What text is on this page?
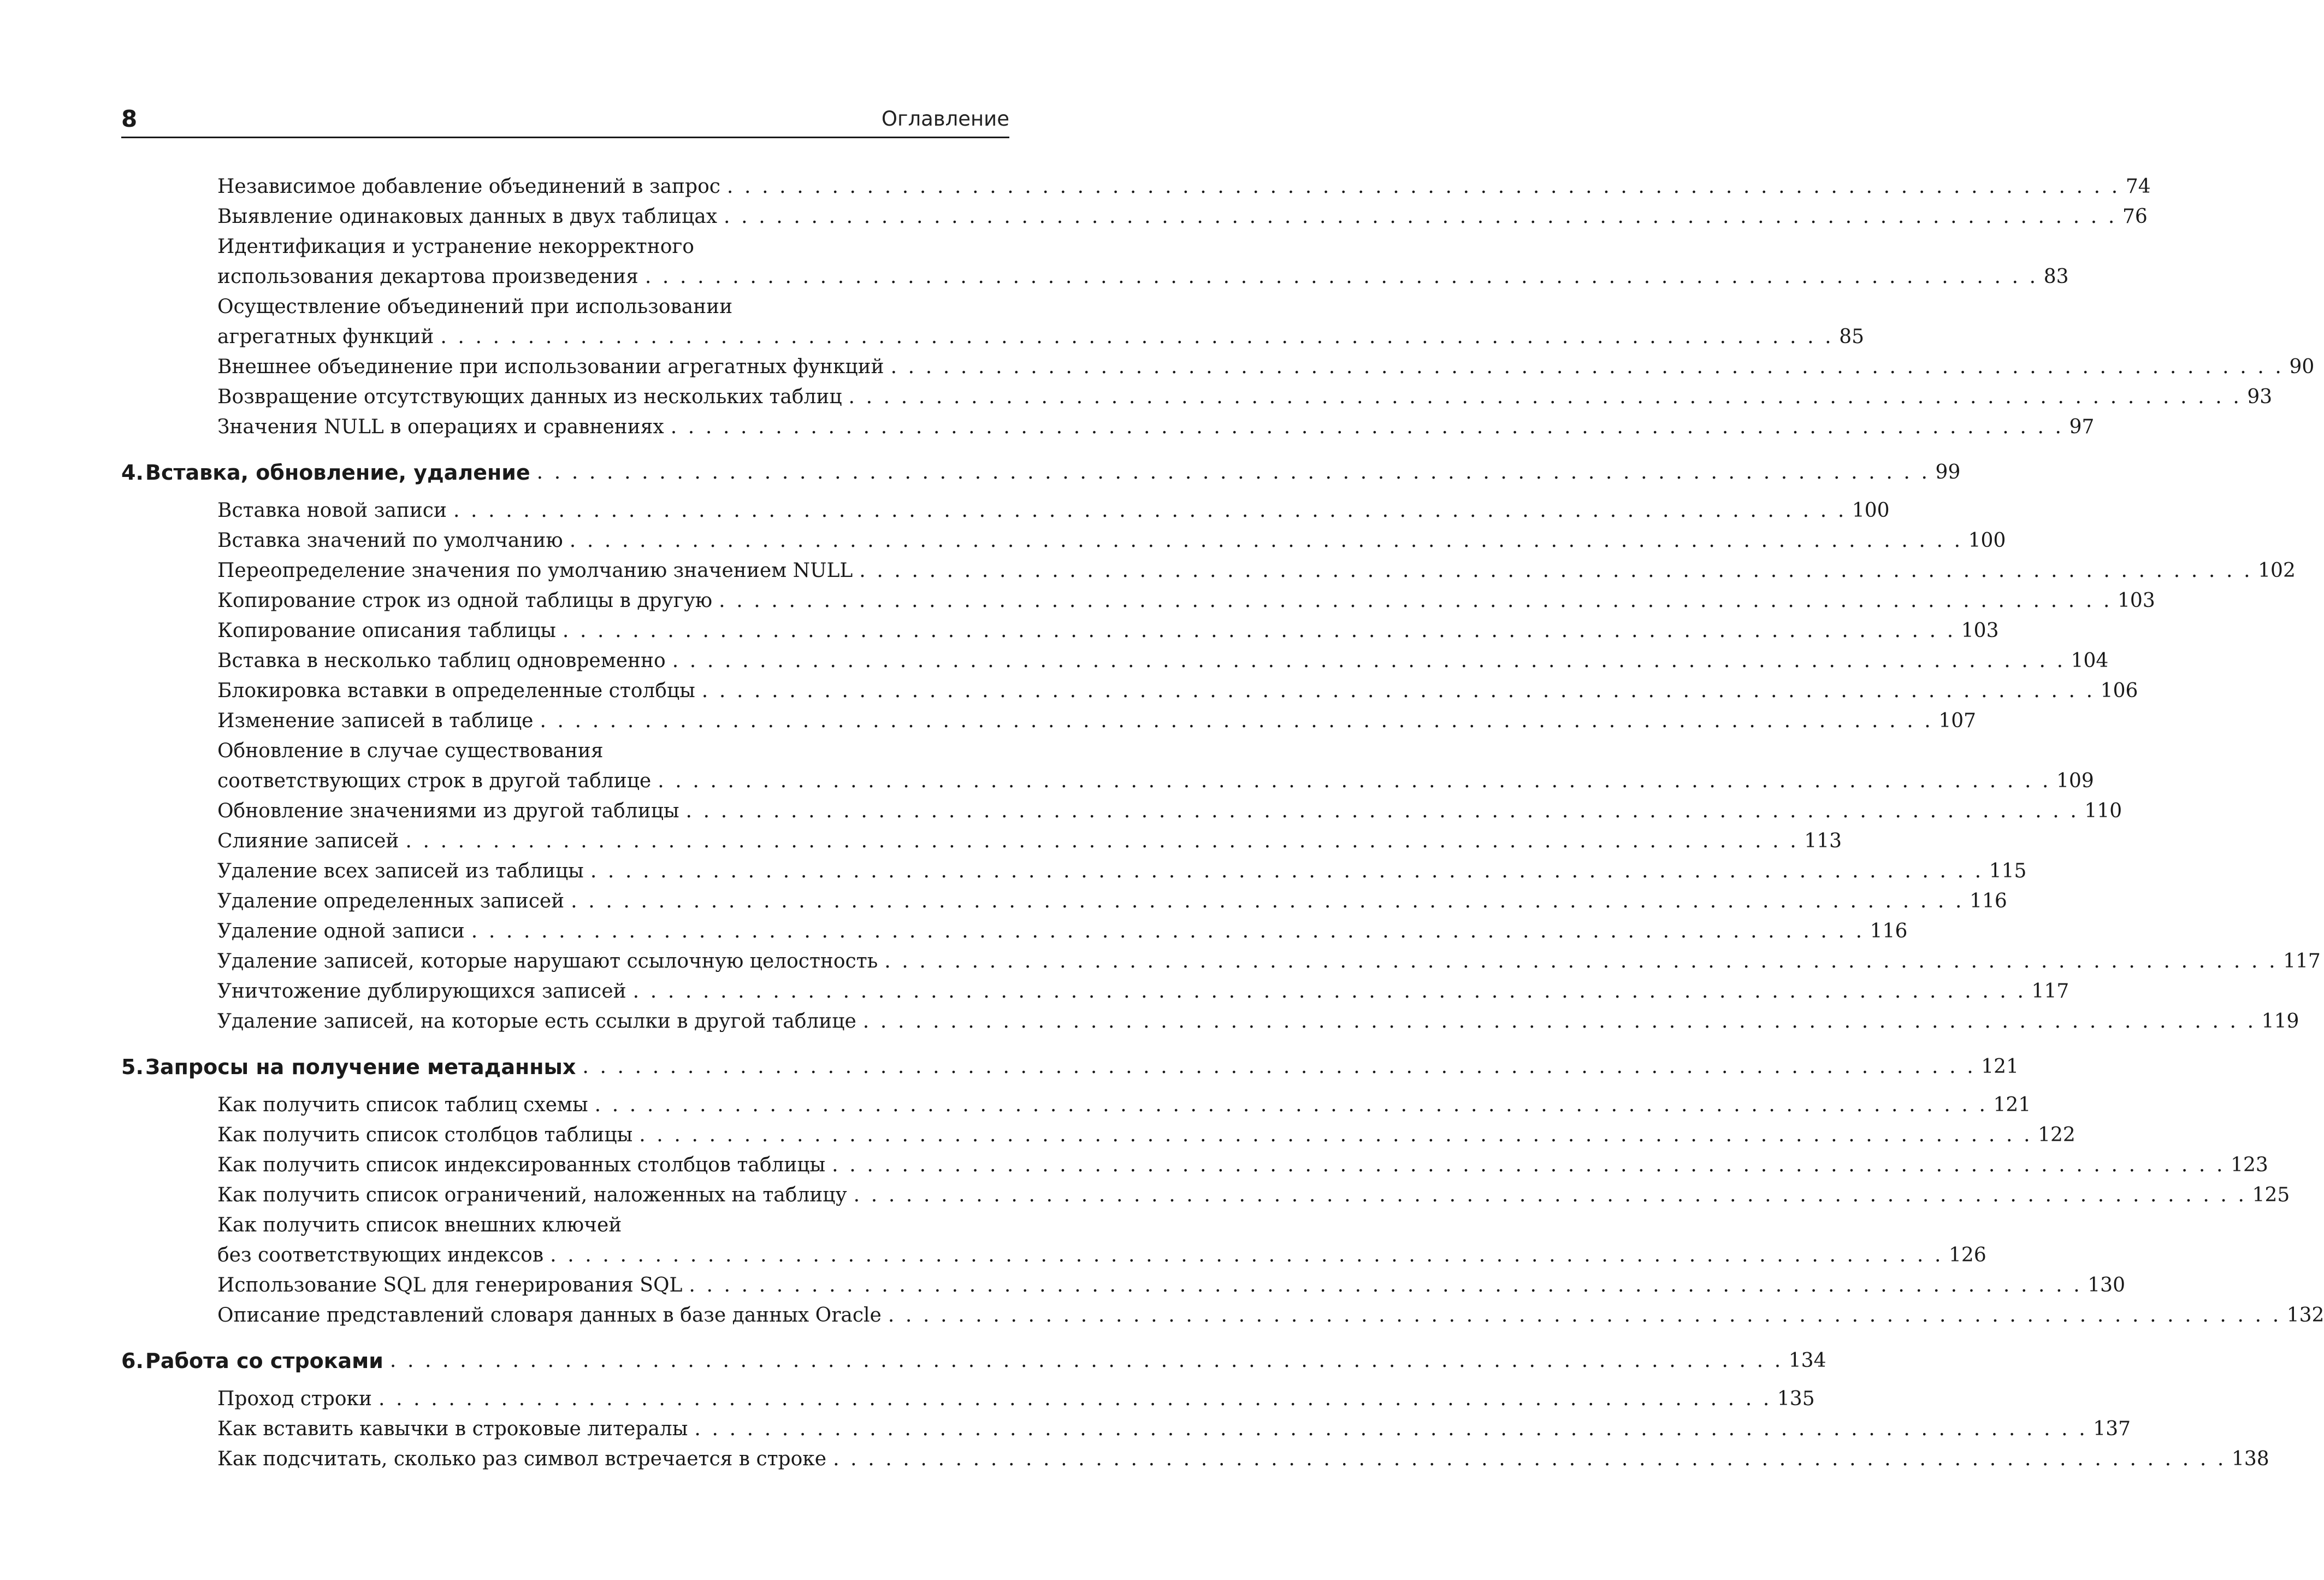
8	Оглавление
Независимое добавление объединений в запрос . . . . . . . . . . . . . . . . . . . . . . . . . . . . . . . . . . . . . . . . . . . . . . . . . . . . . . . . . . . . . . . . . . . . . . . . . . . . . . . . 74
Выявление одинаковых данных в двух таблицах . . . . . . . . . . . . . . . . . . . . . . . . . . . . . . . . . . . . . . . . . . . . . . . . . . . . . . . . . . . . . . . . . . . . . . . . . . . . . . . . 76
Идентификация и устранение некорректного
использования декартова произведения . . . . . . . . . . . . . . . . . . . . . . . . . . . . . . . . . . . . . . . . . . . . . . . . . . . . . . . . . . . . . . . . . . . . . . . . . . . . . . . . 83
Осуществление объединений при использовании
агрегатных функций . . . . . . . . . . . . . . . . . . . . . . . . . . . . . . . . . . . . . . . . . . . . . . . . . . . . . . . . . . . . . . . . . . . . . . . . . . . . . . . . 85
Внешнее объединение при использовании агрегатных функций . . . . . . . . . . . . . . . . . . . . . . . . . . . . . . . . . . . . . . . . . . . . . . . . . . . . . . . . . . . . . . . . . . . . . . . . . . . . . . . . 90
Возвращение отсутствующих данных из нескольких таблиц . . . . . . . . . . . . . . . . . . . . . . . . . . . . . . . . . . . . . . . . . . . . . . . . . . . . . . . . . . . . . . . . . . . . . . . . . . . . . . . . 93
Значения NULL в операциях и сравнениях . . . . . . . . . . . . . . . . . . . . . . . . . . . . . . . . . . . . . . . . . . . . . . . . . . . . . . . . . . . . . . . . . . . . . . . . . . . . . . . . 97
4.Вставка, обновление, удаление . . . . . . . . . . . . . . . . . . . . . . . . . . . . . . . . . . . . . . . . . . . . . . . . . . . . . . . . . . . . . . . . . . . . . . . . . . . . . . . . 99
Вставка новой записи . . . . . . . . . . . . . . . . . . . . . . . . . . . . . . . . . . . . . . . . . . . . . . . . . . . . . . . . . . . . . . . . . . . . . . . . . . . . . . . . 100
Вставка значений по умолчанию . . . . . . . . . . . . . . . . . . . . . . . . . . . . . . . . . . . . . . . . . . . . . . . . . . . . . . . . . . . . . . . . . . . . . . . . . . . . . . . . 100
Переопределение значения по умолчанию значением NULL . . . . . . . . . . . . . . . . . . . . . . . . . . . . . . . . . . . . . . . . . . . . . . . . . . . . . . . . . . . . . . . . . . . . . . . . . . . . . . . . 102
Копирование строк из одной таблицы в другую . . . . . . . . . . . . . . . . . . . . . . . . . . . . . . . . . . . . . . . . . . . . . . . . . . . . . . . . . . . . . . . . . . . . . . . . . . . . . . . . 103
Копирование описания таблицы . . . . . . . . . . . . . . . . . . . . . . . . . . . . . . . . . . . . . . . . . . . . . . . . . . . . . . . . . . . . . . . . . . . . . . . . . . . . . . . . 103
Вставка в несколько таблиц одновременно . . . . . . . . . . . . . . . . . . . . . . . . . . . . . . . . . . . . . . . . . . . . . . . . . . . . . . . . . . . . . . . . . . . . . . . . . . . . . . . . 104
Блокировка вставки в определенные столбцы . . . . . . . . . . . . . . . . . . . . . . . . . . . . . . . . . . . . . . . . . . . . . . . . . . . . . . . . . . . . . . . . . . . . . . . . . . . . . . . . 106
Изменение записей в таблице . . . . . . . . . . . . . . . . . . . . . . . . . . . . . . . . . . . . . . . . . . . . . . . . . . . . . . . . . . . . . . . . . . . . . . . . . . . . . . . . 107
Обновление в случае существования
соответствующих строк в другой таблице . . . . . . . . . . . . . . . . . . . . . . . . . . . . . . . . . . . . . . . . . . . . . . . . . . . . . . . . . . . . . . . . . . . . . . . . . . . . . . . . 109
Обновление значениями из другой таблицы . . . . . . . . . . . . . . . . . . . . . . . . . . . . . . . . . . . . . . . . . . . . . . . . . . . . . . . . . . . . . . . . . . . . . . . . . . . . . . . . 110
Слияние записей . . . . . . . . . . . . . . . . . . . . . . . . . . . . . . . . . . . . . . . . . . . . . . . . . . . . . . . . . . . . . . . . . . . . . . . . . . . . . . . . 113
Удаление всех записей из таблицы . . . . . . . . . . . . . . . . . . . . . . . . . . . . . . . . . . . . . . . . . . . . . . . . . . . . . . . . . . . . . . . . . . . . . . . . . . . . . . . . 115
Удаление определенных записей . . . . . . . . . . . . . . . . . . . . . . . . . . . . . . . . . . . . . . . . . . . . . . . . . . . . . . . . . . . . . . . . . . . . . . . . . . . . . . . . 116
Удаление одной записи . . . . . . . . . . . . . . . . . . . . . . . . . . . . . . . . . . . . . . . . . . . . . . . . . . . . . . . . . . . . . . . . . . . . . . . . . . . . . . . . 116
Удаление записей, которые нарушают ссылочную целостность . . . . . . . . . . . . . . . . . . . . . . . . . . . . . . . . . . . . . . . . . . . . . . . . . . . . . . . . . . . . . . . . . . . . . . . . . . . . . . . . 117
Уничтожение дублирующихся записей . . . . . . . . . . . . . . . . . . . . . . . . . . . . . . . . . . . . . . . . . . . . . . . . . . . . . . . . . . . . . . . . . . . . . . . . . . . . . . . . 117
Удаление записей, на которые есть ссылки в другой таблице . . . . . . . . . . . . . . . . . . . . . . . . . . . . . . . . . . . . . . . . . . . . . . . . . . . . . . . . . . . . . . . . . . . . . . . . . . . . . . . . 119
5.Запросы на получение метаданных . . . . . . . . . . . . . . . . . . . . . . . . . . . . . . . . . . . . . . . . . . . . . . . . . . . . . . . . . . . . . . . . . . . . . . . . . . . . . . . . 121
Как получить список таблиц схемы . . . . . . . . . . . . . . . . . . . . . . . . . . . . . . . . . . . . . . . . . . . . . . . . . . . . . . . . . . . . . . . . . . . . . . . . . . . . . . . . 121
Как получить список столбцов таблицы . . . . . . . . . . . . . . . . . . . . . . . . . . . . . . . . . . . . . . . . . . . . . . . . . . . . . . . . . . . . . . . . . . . . . . . . . . . . . . . . 122
Как получить список индексированных столбцов таблицы . . . . . . . . . . . . . . . . . . . . . . . . . . . . . . . . . . . . . . . . . . . . . . . . . . . . . . . . . . . . . . . . . . . . . . . . . . . . . . . . 123
Как получить список ограничений, наложенных на таблицу . . . . . . . . . . . . . . . . . . . . . . . . . . . . . . . . . . . . . . . . . . . . . . . . . . . . . . . . . . . . . . . . . . . . . . . . . . . . . . . . 125
Как получить список внешних ключей
без соответствующих индексов . . . . . . . . . . . . . . . . . . . . . . . . . . . . . . . . . . . . . . . . . . . . . . . . . . . . . . . . . . . . . . . . . . . . . . . . . . . . . . . . 126
Использование SQL для генерирования SQL . . . . . . . . . . . . . . . . . . . . . . . . . . . . . . . . . . . . . . . . . . . . . . . . . . . . . . . . . . . . . . . . . . . . . . . . . . . . . . . . 130
Описание представлений словаря данных в базе данных Oracle . . . . . . . . . . . . . . . . . . . . . . . . . . . . . . . . . . . . . . . . . . . . . . . . . . . . . . . . . . . . . . . . . . . . . . . . . . . . . . . . 132
6.Работа со строками . . . . . . . . . . . . . . . . . . . . . . . . . . . . . . . . . . . . . . . . . . . . . . . . . . . . . . . . . . . . . . . . . . . . . . . . . . . . . . . . 134
Проход строки . . . . . . . . . . . . . . . . . . . . . . . . . . . . . . . . . . . . . . . . . . . . . . . . . . . . . . . . . . . . . . . . . . . . . . . . . . . . . . . . 135
Как вставить кавычки в строковые литералы . . . . . . . . . . . . . . . . . . . . . . . . . . . . . . . . . . . . . . . . . . . . . . . . . . . . . . . . . . . . . . . . . . . . . . . . . . . . . . . . 137
Как подсчитать, сколько раз символ встречается в строке . . . . . . . . . . . . . . . . . . . . . . . . . . . . . . . . . . . . . . . . . . . . . . . . . . . . . . . . . . . . . . . . . . . . . . . . . . . . . . . . 138
